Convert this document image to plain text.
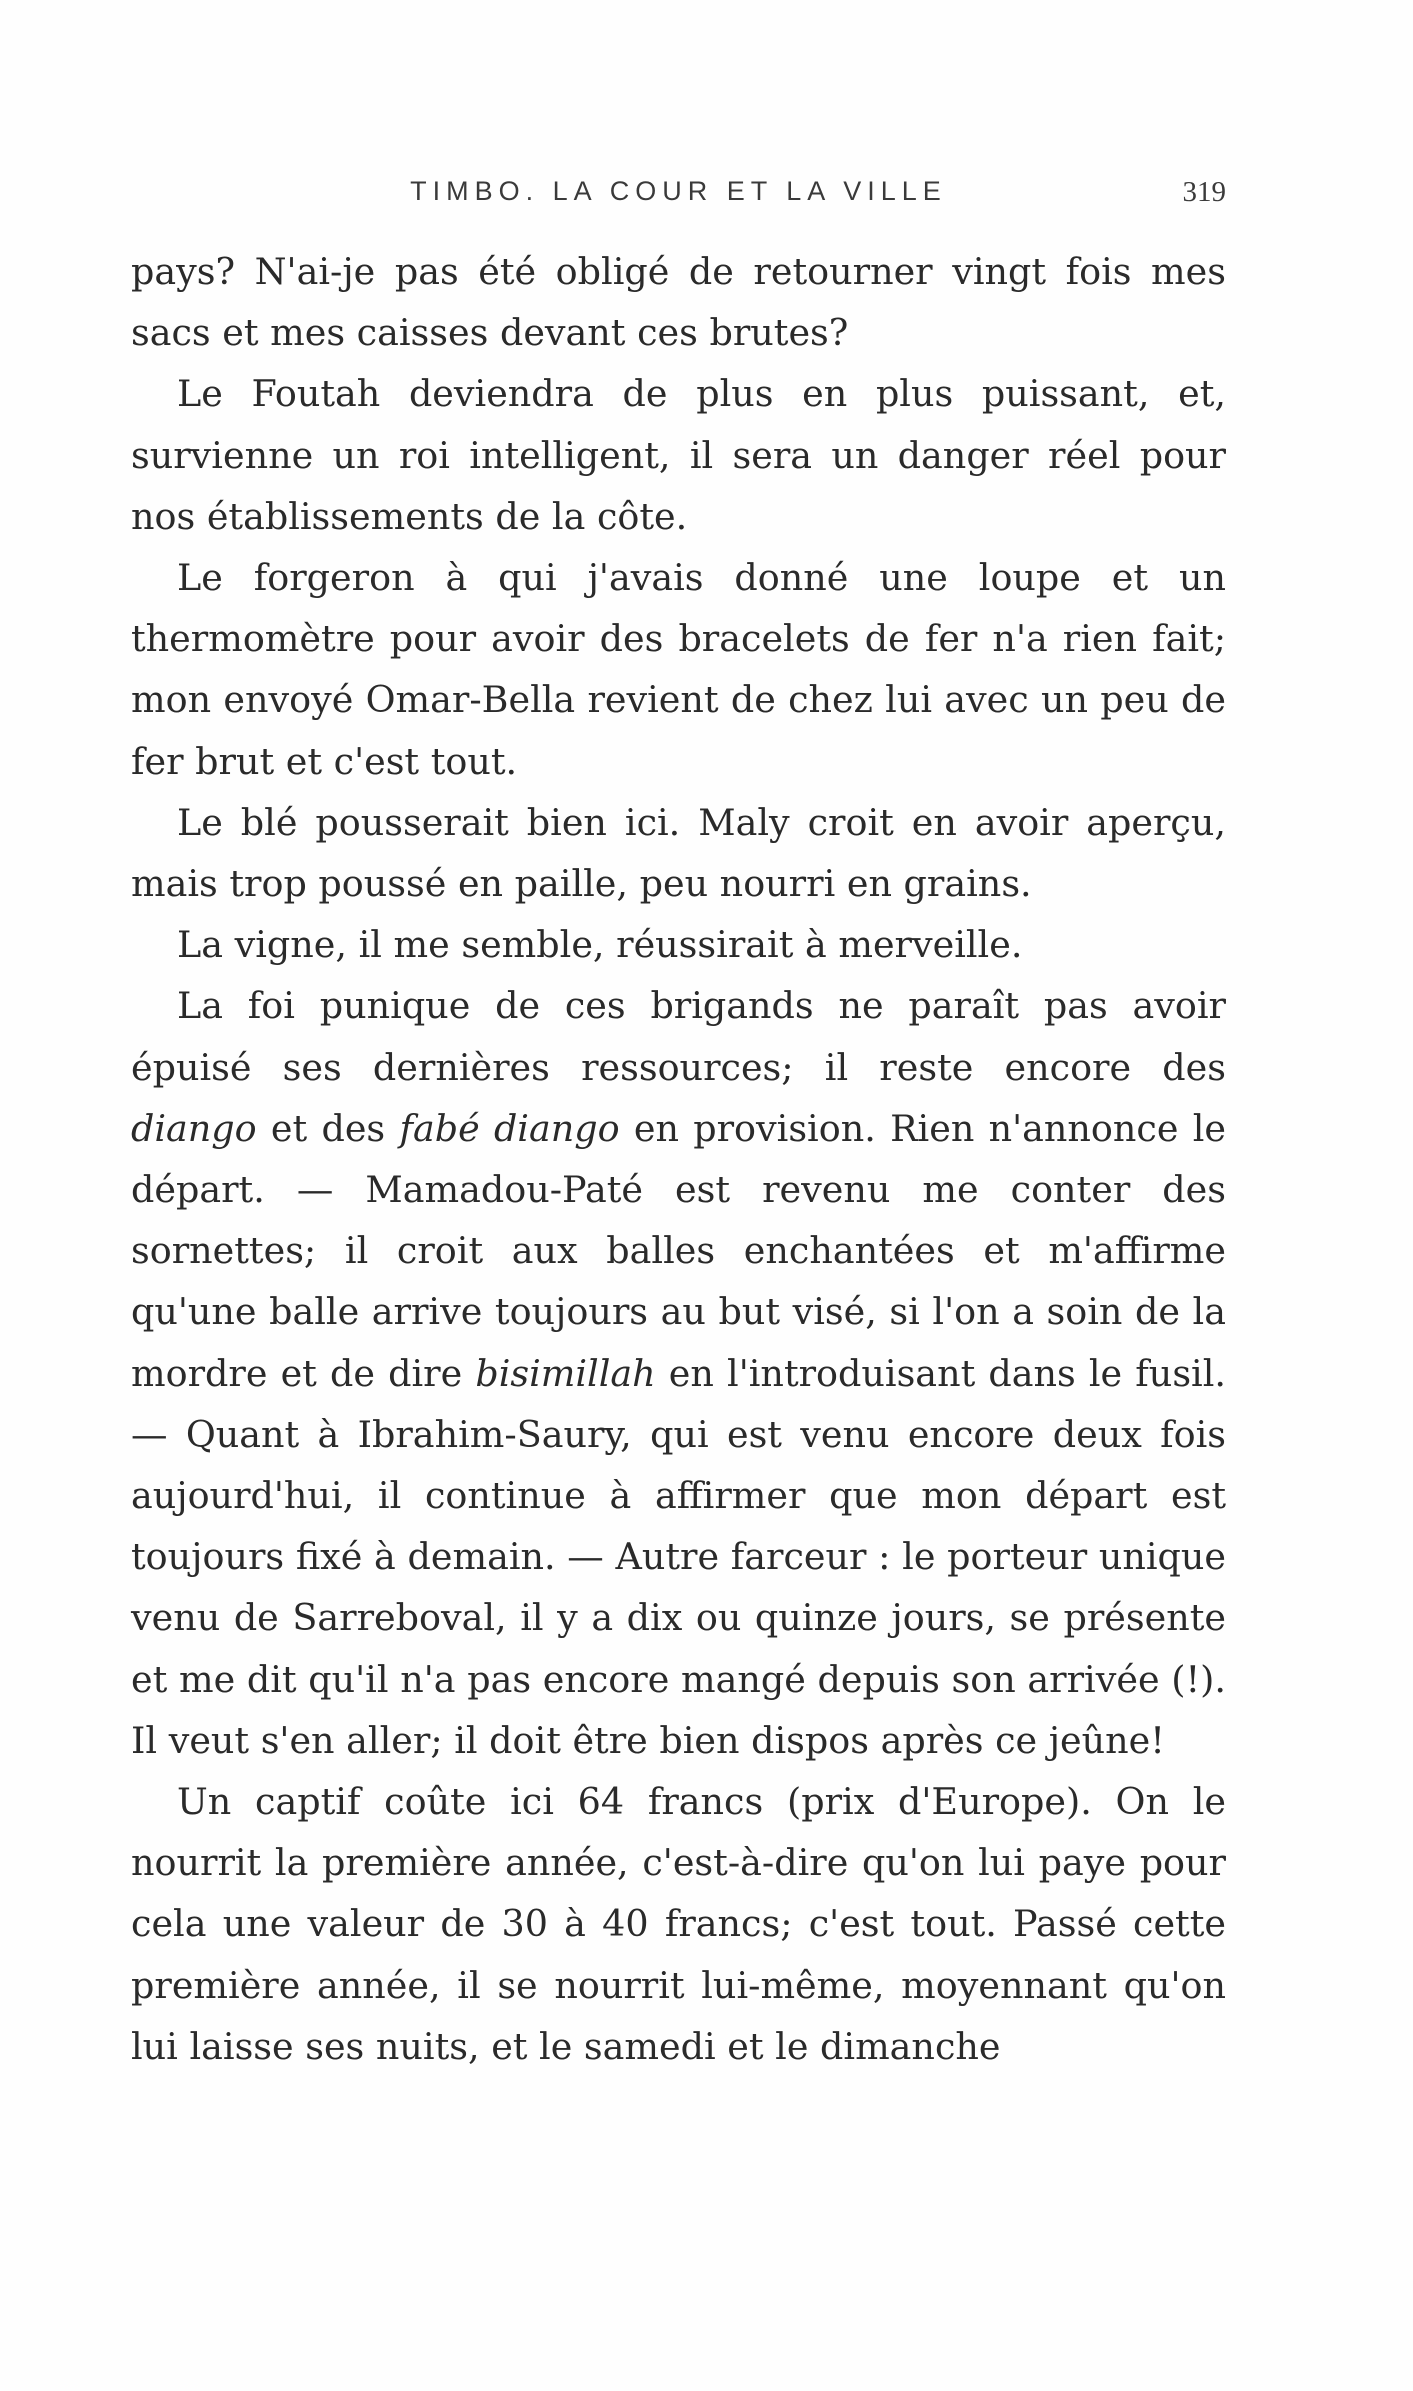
TIMBO. LA COUR ET LA VILLE	319

pays? N'ai-je pas été obligé de retourner vingt fois mes sacs et mes caisses devant ces brutes?

Le Foutah deviendra de plus en plus puissant, et, survienne un roi intelligent, il sera un danger réel pour nos établissements de la côte.

Le forgeron à qui j'avais donné une loupe et un thermomètre pour avoir des bracelets de fer n'a rien fait; mon envoyé Omar-Bella revient de chez lui avec un peu de fer brut et c'est tout.

Le blé pousserait bien ici. Maly croit en avoir aperçu, mais trop poussé en paille, peu nourri en grains.

La vigne, il me semble, réussirait à merveille.

La foi punique de ces brigands ne paraît pas avoir épuisé ses dernières ressources; il reste encore des diango et des fabé diango en provision. Rien n'annonce le départ. — Mamadou-Paté est revenu me conter des sornettes; il croit aux balles enchantées et m'affirme qu'une balle arrive toujours au but visé, si l'on a soin de la mordre et de dire bisimillah en l'introduisant dans le fusil. — Quant à Ibrahim-Saury, qui est venu encore deux fois aujourd'hui, il continue à affirmer que mon départ est toujours fixé à demain. — Autre farceur : le porteur unique venu de Sarreboval, il y a dix ou quinze jours, se présente et me dit qu'il n'a pas encore mangé depuis son arrivée (!). Il veut s'en aller; il doit être bien dispos après ce jeûne!

Un captif coûte ici 64 francs (prix d'Europe). On le nourrit la première année, c'est-à-dire qu'on lui paye pour cela une valeur de 30 à 40 francs; c'est tout. Passé cette première année, il se nourrit lui-même, moyennant qu'on lui laisse ses nuits, et le samedi et le dimanche
